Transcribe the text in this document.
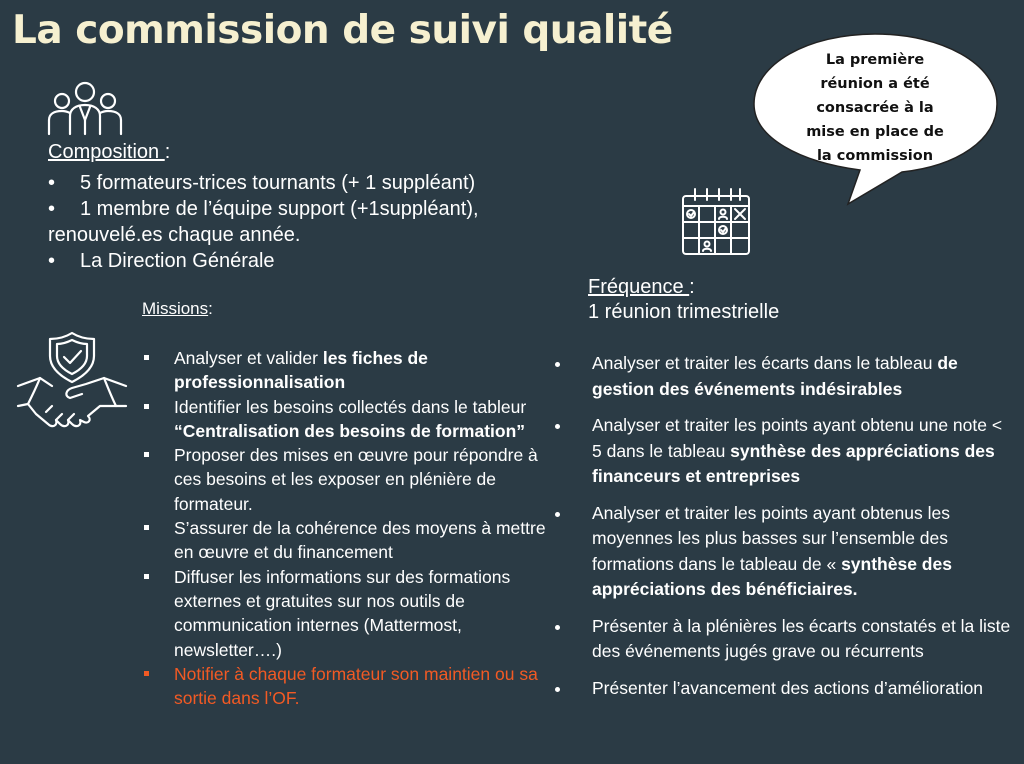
La commission de suivi qualité
La première
réunion a été
consacrée à la
mise en place de
la commission
Composition :
• 5 formateurs-trices tournants (+ 1 suppléant)
• 1 membre de l’équipe support (+1suppléant),
renouvelé.es chaque année.
• La Direction Générale
Missions:
Analyser et valider les fiches de professionnalisation
Identifier les besoins collectés dans le tableur “Centralisation des besoins de formation”
Proposer des mises en œuvre pour répondre à ces besoins et les exposer en plénière de formateur.
S’assurer de la cohérence des moyens à mettre en œuvre et du financement
Diffuser les informations sur des formations externes et gratuites sur nos outils de communication internes (Mattermost, newsletter….)
Notifier à chaque formateur son maintien ou sa sortie dans l’OF.
Fréquence :
1 réunion trimestrielle
Analyser et traiter les écarts dans le tableau de gestion des événements indésirables
Analyser et traiter les points ayant obtenu une note < 5 dans le tableau synthèse des appréciations des financeurs et entreprises
Analyser et traiter les points ayant obtenus les moyennes les plus basses sur l’ensemble des formations dans le tableau de « synthèse des appréciations des bénéficiaires.
Présenter à la plénières les écarts constatés et la liste des événements jugés grave ou récurrents
Présenter l’avancement des actions d’amélioration
